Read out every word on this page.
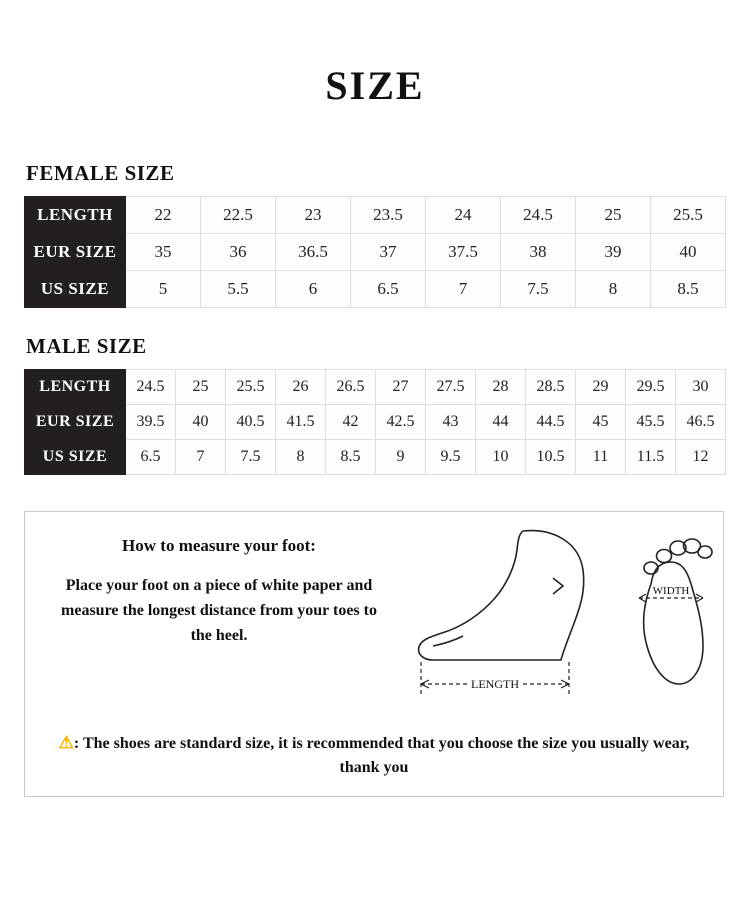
SIZE
FEMALE SIZE
LENGTH	22	22.5	23	23.5	24	24.5	25	25.5
EUR SIZE	35	36	36.5	37	37.5	38	39	40
US SIZE	5	5.5	6	6.5	7	7.5	8	8.5
MALE SIZE
LENGTH	24.5	25	25.5	26	26.5	27	27.5	28	28.5	29	29.5	30
EUR SIZE	39.5	40	40.5	41.5	42	42.5	43	44	44.5	45	45.5	46.5
US SIZE	6.5	7	7.5	8	8.5	9	9.5	10	10.5	11	11.5	12
How to measure your foot:
Place your foot on a piece of white paper and measure the longest distance from your toes to the heel.
LENGTH
WIDTH
⚠: The shoes are standard size, it is recommended that you choose the size you usually wear, thank you
